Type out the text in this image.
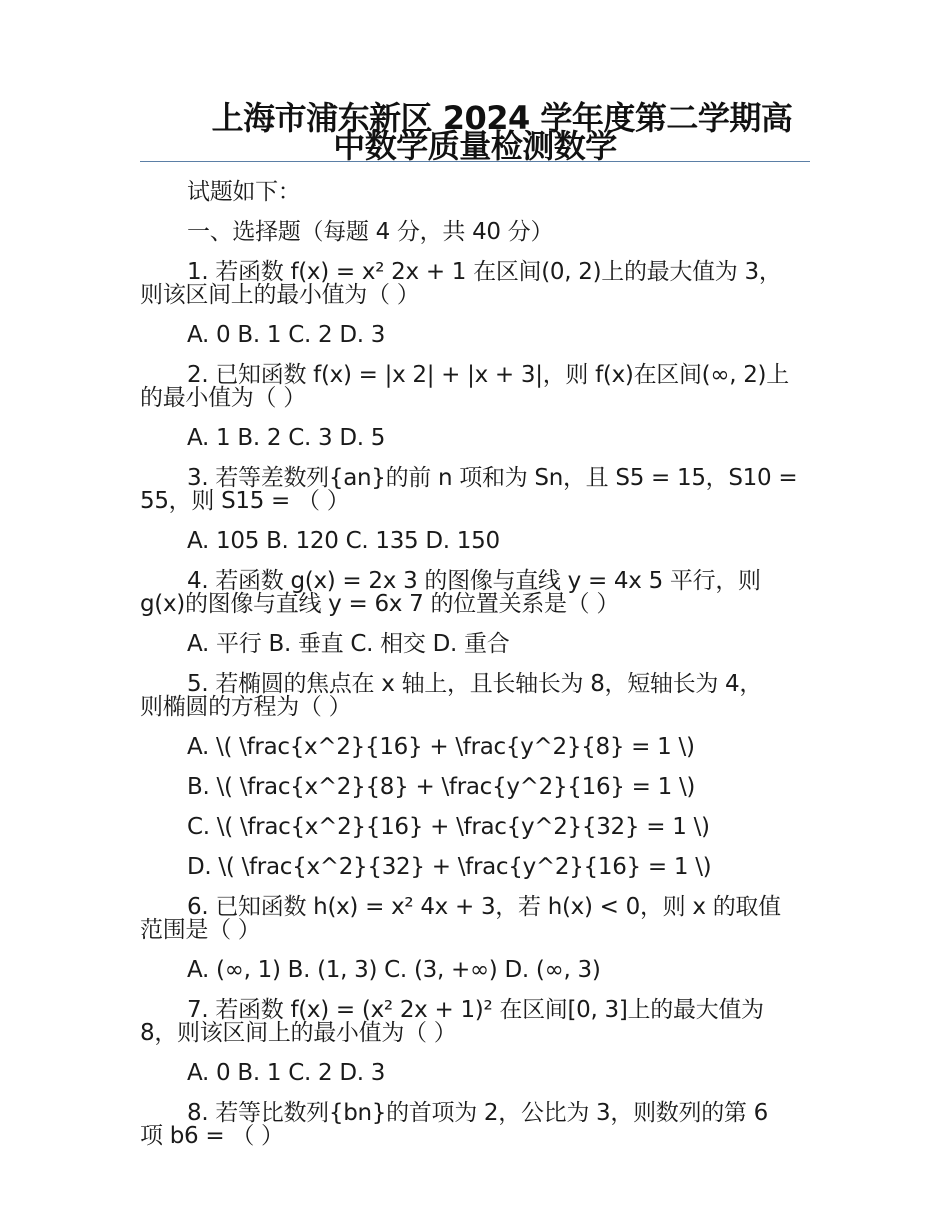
上海市浦东新区 2024 学年度第二学期高
中数学质量检测数学

试题如下：

一、选择题（每题 4 分，共 40 分）

1. 若函数 f(x) = x² 2x + 1 在区间(0, 2)上的最大值为 3，
则该区间上的最小值为（ ）

A. 0 B. 1 C. 2 D. 3

2. 已知函数 f(x) = |x 2| + |x + 3|，则 f(x)在区间(∞, 2)上
的最小值为（ ）

A. 1 B. 2 C. 3 D. 5

3. 若等差数列{an}的前 n 项和为 Sn，且 S5 = 15，S10 =
55，则 S15 = （ ）

A. 105 B. 120 C. 135 D. 150

4. 若函数 g(x) = 2x 3 的图像与直线 y = 4x 5 平行，则
g(x)的图像与直线 y = 6x 7 的位置关系是（ ）

A. 平行 B. 垂直 C. 相交 D. 重合

5. 若椭圆的焦点在 x 轴上，且长轴长为 8，短轴长为 4，
则椭圆的方程为（ ）

A. \( \frac{x^2}{16} + \frac{y^2}{8} = 1 \)

B. \( \frac{x^2}{8} + \frac{y^2}{16} = 1 \)

C. \( \frac{x^2}{16} + \frac{y^2}{32} = 1 \)

D. \( \frac{x^2}{32} + \frac{y^2}{16} = 1 \)

6. 已知函数 h(x) = x² 4x + 3，若 h(x) < 0，则 x 的取值
范围是（ ）

A. (∞, 1) B. (1, 3) C. (3, +∞) D. (∞, 3)

7. 若函数 f(x) = (x² 2x + 1)² 在区间[0, 3]上的最大值为
8，则该区间上的最小值为（ ）

A. 0 B. 1 C. 2 D. 3

8. 若等比数列{bn}的首项为 2，公比为 3，则数列的第 6
项 b6 = （ ）
